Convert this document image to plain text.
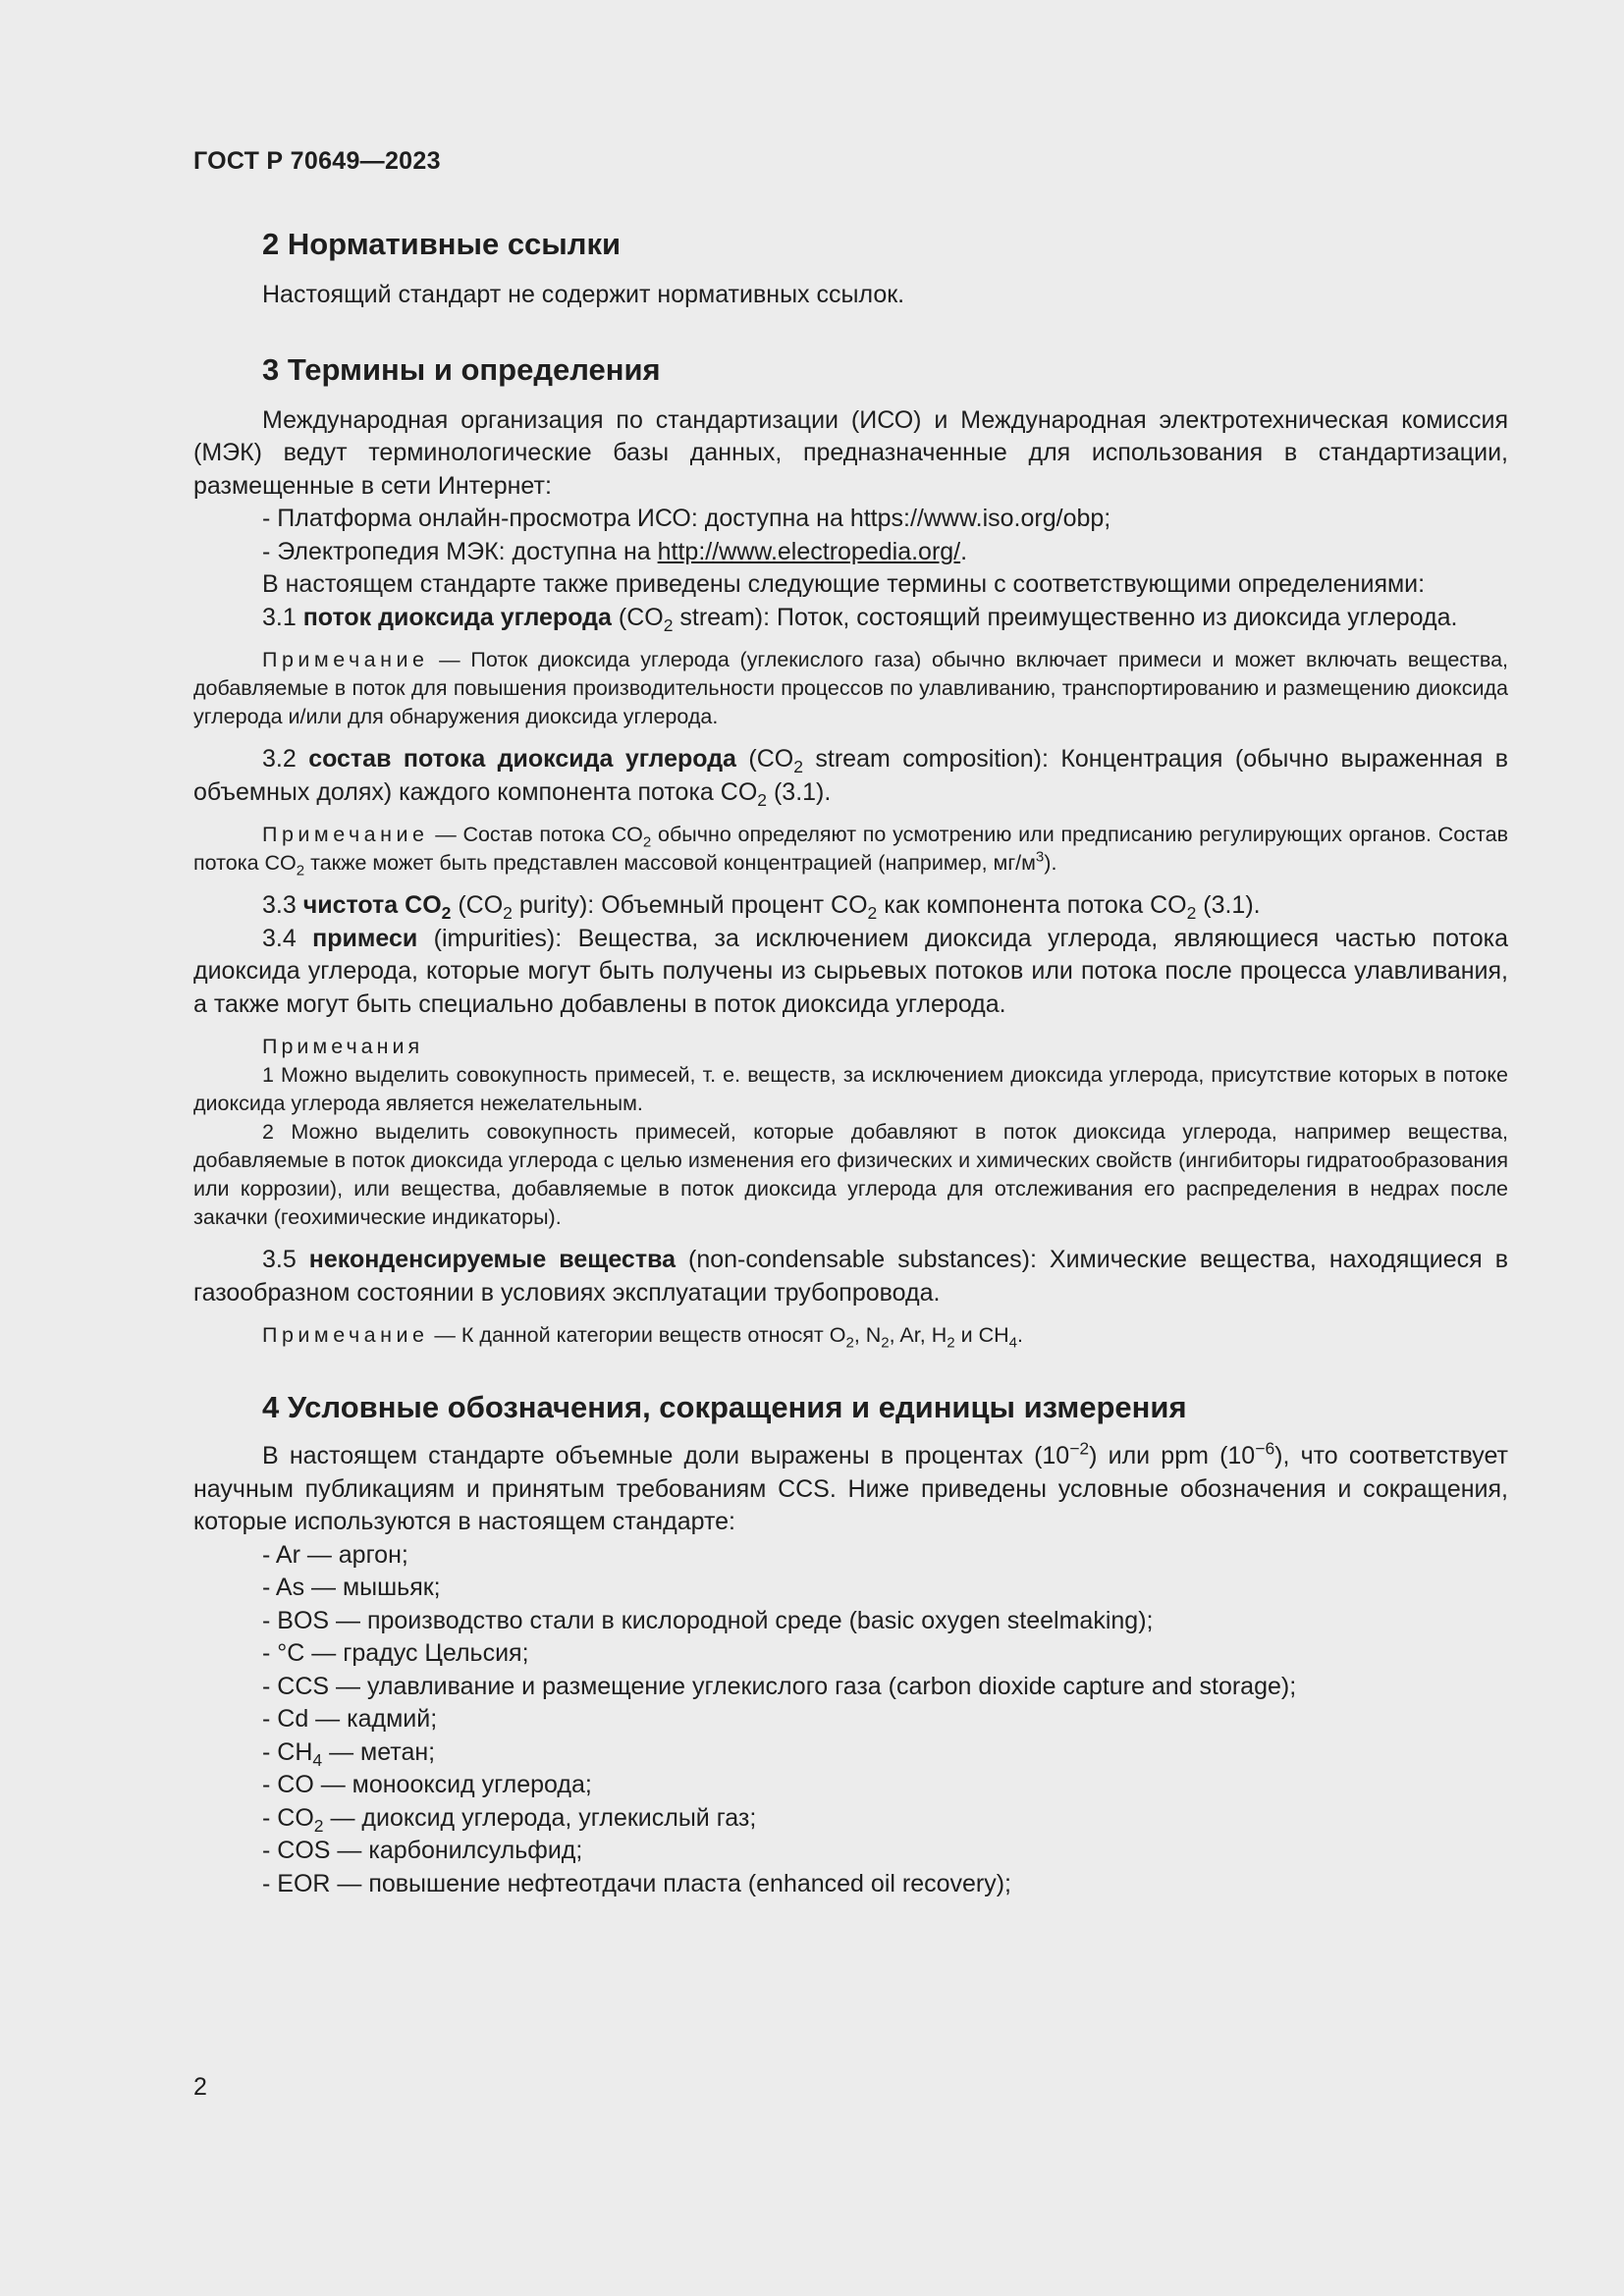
ГОСТ Р 70649—2023
2 Нормативные ссылки

Настоящий стандарт не содержит нормативных ссылок.

3 Термины и определения

Международная организация по стандартизации (ИСО) и Международная электротехническая комиссия (МЭК) ведут терминологические базы данных, предназначенные для использования в стандартизации, размещенные в сети Интернет:

- Платформа онлайн-просмотра ИСО: доступна на https://www.iso.org/obp;

- Электропедия МЭК: доступна на http://www.electropedia.org/.

В настоящем стандарте также приведены следующие термины с соответствующими определениями:

3.1 поток диоксида углерода ($CO_2$ stream): Поток, состоящий преимущественно из диоксида углерода.

Примечание — Поток диоксида углерода (углекислого газа) обычно включает примеси и может включать вещества, добавляемые в поток для повышения производительности процессов по улавливанию, транспортированию и размещению диоксида углерода и/или для обнаружения диоксида углерода.

3.2 состав потока диоксида углерода ($CO_2$ stream composition): Концентрация (обычно выраженная в объемных долях) каждого компонента потока $CO_2$ (3.1).

Примечание — Состав потока $CO_2$ обычно определяют по усмотрению или предписанию регулирующих органов. Состав потока $CO_2$ также может быть представлен массовой концентрацией (например, $мг/м^3$).

3.3 чистота $CO_2$ ($CO_2$ purity): Объемный процент $CO_2$ как компонента потока $CO_2$ (3.1).

3.4 примеси (impurities): Вещества, за исключением диоксида углерода, являющиеся частью потока диоксида углерода, которые могут быть получены из сырьевых потоков или потока после процесса улавливания, а также могут быть специально добавлены в поток диоксида углерода.

Примечания

1 Можно выделить совокупность примесей, т. е. веществ, за исключением диоксида углерода, присутствие которых в потоке диоксида углерода является нежелательным.

2 Можно выделить совокупность примесей, которые добавляют в поток диоксида углерода, например вещества, добавляемые в поток диоксида углерода с целью изменения его физических и химических свойств (ингибиторы гидратообразования или коррозии), или вещества, добавляемые в поток диоксида углерода для отслеживания его распределения в недрах после закачки (геохимические индикаторы).

3.5 неконденсируемые вещества (non-condensable substances): Химические вещества, находящиеся в газообразном состоянии в условиях эксплуатации трубопровода.

Примечание — К данной категории веществ относят $O_2$, $N_2$, Ar, $H_2$ и $CH_4$.

4 Условные обозначения, сокращения и единицы измерения

В настоящем стандарте объемные доли выражены в процентах $(10^{-2})$ или ppm $(10^{-6})$, что соответствует научным публикациям и принятым требованиям CCS. Ниже приведены условные обозначения и сокращения, которые используются в настоящем стандарте:

- Ar — аргон;

- As — мышьяк;

- BOS — производство стали в кислородной среде (basic oxygen steelmaking);

- °C — градус Цельсия;

- CCS — улавливание и размещение углекислого газа (carbon dioxide capture and storage);

- Cd — кадмий;

- $CH_4$ — метан;

- CO — монооксид углерода;

- $CO_2$ — диоксид углерода, углекислый газ;

- COS — карбонилсульфид;

- EOR — повышение нефтеотдачи пласта (enhanced oil recovery);

2
